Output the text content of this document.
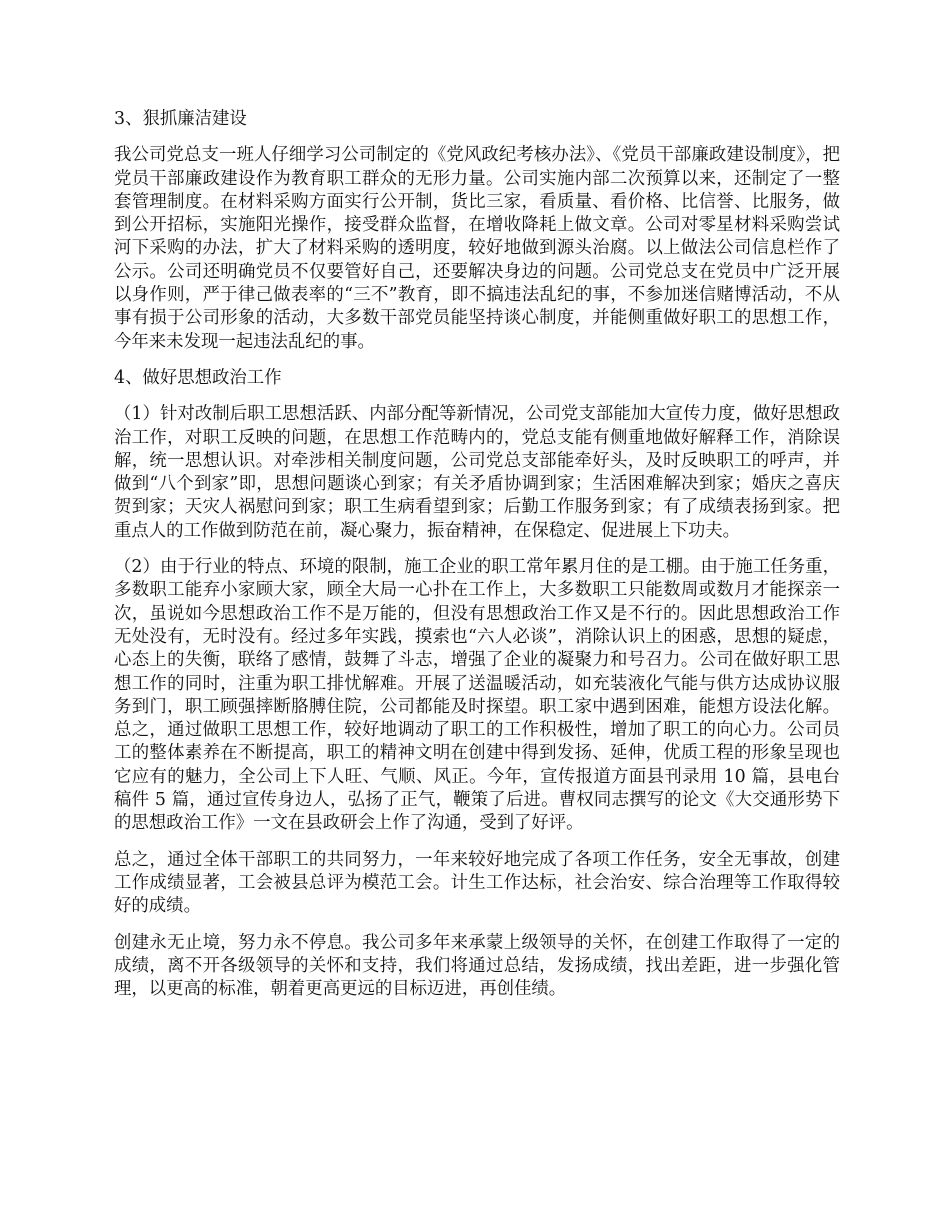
3、狠抓廉洁建设

我公司党总支一班人仔细学习公司制定的《党风政纪考核办法》、《党员干部廉政建设制度》，把党员干部廉政建设作为教育职工群众的无形力量。公司实施内部二次预算以来，还制定了一整套管理制度。在材料采购方面实行公开制，货比三家，看质量、看价格、比信誉、比服务，做到公开招标，实施阳光操作，接受群众监督，在增收降耗上做文章。公司对零星材料采购尝试河下采购的办法，扩大了材料采购的透明度，较好地做到源头治腐。以上做法公司信息栏作了公示。公司还明确党员不仅要管好自己，还要解决身边的问题。公司党总支在党员中广泛开展以身作则，严于律己做表率的“三不”教育，即不搞违法乱纪的事，不参加迷信赌博活动，不从事有损于公司形象的活动，大多数干部党员能坚持谈心制度，并能侧重做好职工的思想工作，今年来未发现一起违法乱纪的事。

4、做好思想政治工作

（1）针对改制后职工思想活跃、内部分配等新情况，公司党支部能加大宣传力度，做好思想政治工作，对职工反映的问题，在思想工作范畴内的，党总支能有侧重地做好解释工作，消除误解，统一思想认识。对牵涉相关制度问题，公司党总支部能牵好头，及时反映职工的呼声，并做到“八个到家”即，思想问题谈心到家；有关矛盾协调到家；生活困难解决到家；婚庆之喜庆贺到家；天灾人祸慰问到家；职工生病看望到家；后勤工作服务到家；有了成绩表扬到家。把重点人的工作做到防范在前，凝心聚力，振奋精神，在保稳定、促进展上下功夫。

（2）由于行业的特点、环境的限制，施工企业的职工常年累月住的是工棚。由于施工任务重，多数职工能弃小家顾大家，顾全大局一心扑在工作上，大多数职工只能数周或数月才能探亲一次，虽说如今思想政治工作不是万能的，但没有思想政治工作又是不行的。因此思想政治工作无处没有，无时没有。经过多年实践，摸索也“六人必谈”，消除认识上的困惑，思想的疑虑，心态上的失衡，联络了感情，鼓舞了斗志，增强了企业的凝聚力和号召力。公司在做好职工思想工作的同时，注重为职工排忧解难。开展了送温暖活动，如充装液化气能与供方达成协议服务到门，职工顾强摔断胳膊住院，公司都能及时探望。职工家中遇到困难，能想方设法化解。总之，通过做职工思想工作，较好地调动了职工的工作积极性，增加了职工的向心力。公司员工的整体素养在不断提高，职工的精神文明在创建中得到发扬、延伸，优质工程的形象呈现也它应有的魅力，全公司上下人旺、气顺、风正。今年，宣传报道方面县刊录用 10 篇，县电台稿件 5 篇，通过宣传身边人，弘扬了正气，鞭策了后进。曹权同志撰写的论文《大交通形势下的思想政治工作》一文在县政研会上作了沟通，受到了好评。

总之，通过全体干部职工的共同努力，一年来较好地完成了各项工作任务，安全无事故，创建工作成绩显著，工会被县总评为模范工会。计生工作达标，社会治安、综合治理等工作取得较好的成绩。

创建永无止境，努力永不停息。我公司多年来承蒙上级领导的关怀，在创建工作取得了一定的成绩，离不开各级领导的关怀和支持，我们将通过总结，发扬成绩，找出差距，进一步强化管理，以更高的标准，朝着更高更远的目标迈进，再创佳绩。
